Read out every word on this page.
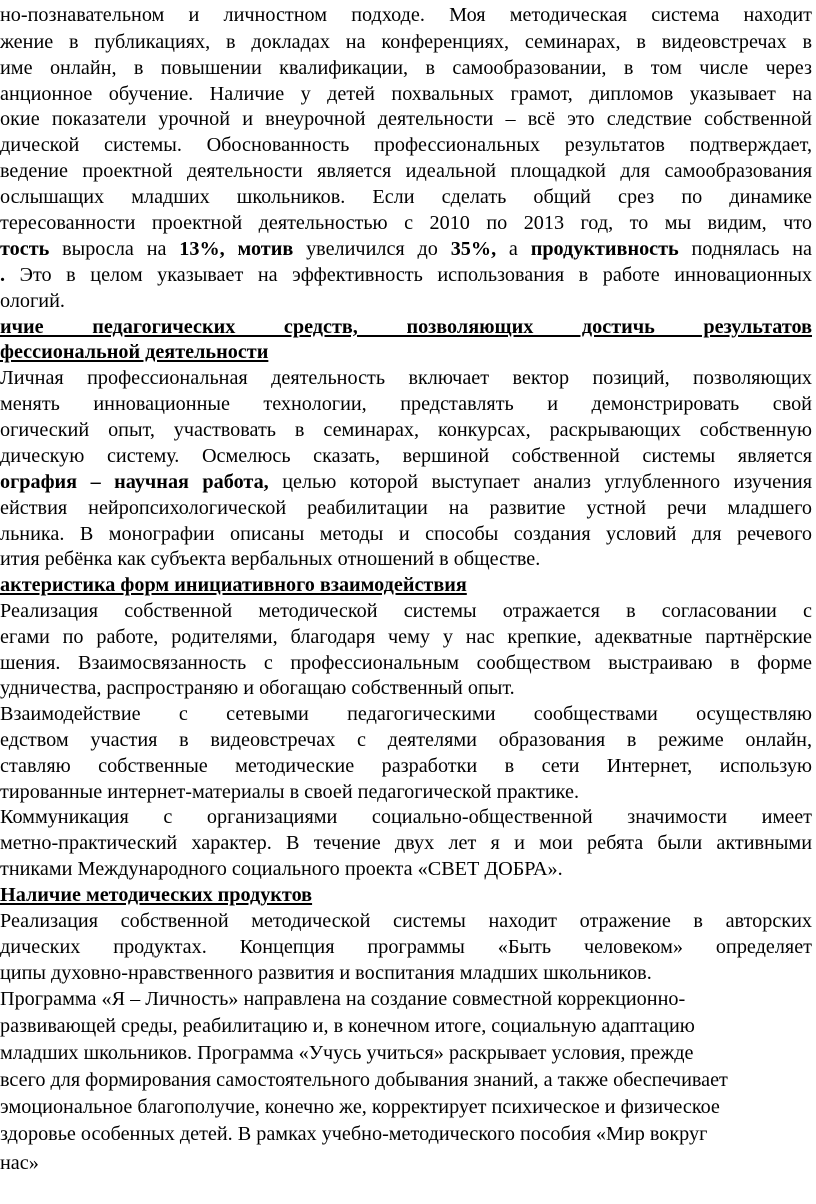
но-познавательном и личностном подходе. Моя методическая система находит
жение в публикациях, в докладах на конференциях, семинарах, в видеовстречах в
име онлайн, в повышении квалификации, в самообразовании, в том числе через
анционное обучение. Наличие у детей похвальных грамот, дипломов указывает на
окие показатели урочной и внеурочной деятельности – всё это следствие собственной
дической системы. Обоснованность профессиональных результатов подтверждает,
ведение проектной деятельности является идеальной площадкой для самообразования
ослышащих младших школьников. Если сделать общий срез по динамике
тересованности проектной деятельностью с 2010 по 2013 год, то мы видим, что
тость выросла на 13%, мотив увеличился до 35%, а продуктивность поднялась на
. Это в целом указывает на эффективность использования в работе инновационных
ологий.
ичие педагогических средств, позволяющих достичь результатов
фессиональной деятельности
Личная профессиональная деятельность включает вектор позиций, позволяющих
менять инновационные технологии, представлять и демонстрировать свой
огический опыт, участвовать в семинарах, конкурсах, раскрывающих собственную
дическую систему. Осмелюсь сказать, вершиной собственной системы является
ография – научная работа, целью которой выступает анализ углубленного изучения
ействия нейропсихологической реабилитации на развитие устной речи младшего
льника. В монографии описаны методы и способы создания условий для речевого
ития ребёнка как субъекта вербальных отношений в обществе.
актеристика форм инициативного взаимодействия
Реализация собственной методической системы отражается в согласовании с
егами по работе, родителями, благодаря чему у нас крепкие, адекватные партнёрские
шения. Взаимосвязанность с профессиональным сообществом выстраиваю в форме
удничества, распространяю и обогащаю собственный опыт.
Взаимодействие с сетевыми педагогическими сообществами осуществляю
едством участия в видеовстречах с деятелями образования в режиме онлайн,
ставляю собственные методические разработки в сети Интернет, использую
тированные интернет-материалы в своей педагогической практике.
Коммуникация с организациями социально-общественной значимости имеет
метно-практический характер. В течение двух лет я и мои ребята были активными
тниками Международного социального проекта «СВЕТ ДОБРА».
Наличие методических продуктов
Реализация собственной методической системы находит отражение в авторских
дических продуктах. Концепция программы «Быть человеком» определяет
ципы духовно-нравственного развития и воспитания младших школьников.
Программа «Я – Личность» направлена на создание совместной коррекционно-
развивающей среды, реабилитацию и, в конечном итоге, социальную адаптацию
младших школьников. Программа «Учусь учиться» раскрывает условия, прежде
всего для формирования самостоятельного добывания знаний, а также обеспечивает
эмоциональное благополучие, конечно же, корректирует психическое и физическое
здоровье особенных детей. В рамках учебно-методического пособия «Мир вокруг
нас»
